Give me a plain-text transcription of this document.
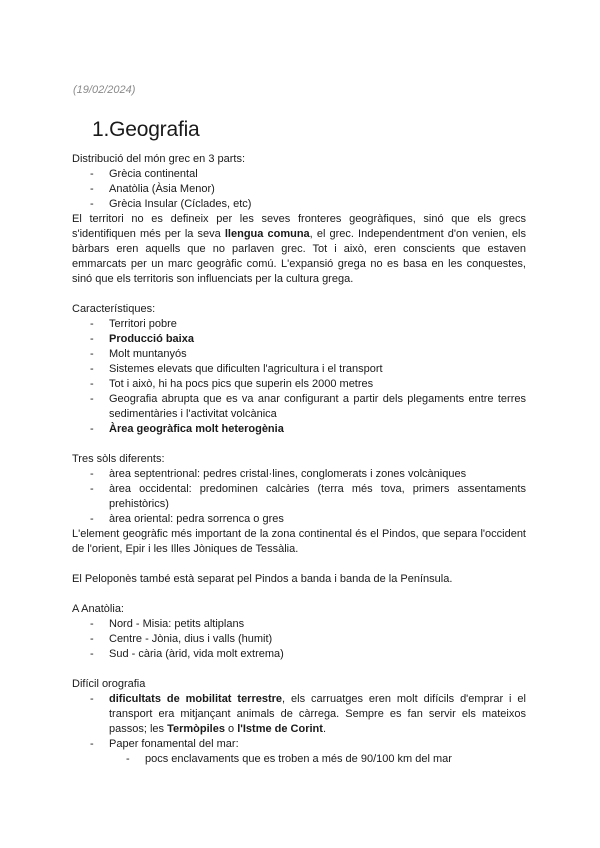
(19/02/2024)
1.Geografia

Distribució del món grec en 3 parts:

- Grècia continental
- Anatòlia (Àsia Menor)
- Grècia Insular (Cíclades, etc)

El territori no es defineix per les seves fronteres geogràfiques, sinó que els grecs s'identifiquen més per la seva llengua comuna, el grec. Independentment d'on venien, els bàrbars eren aquells que no parlaven grec. Tot i això, eren conscients que estaven emmarcats per un marc geogràfic comú. L'expansió grega no es basa en les conquestes, sinó que els territoris son influenciats per la cultura grega.

Característiques:

- Territori pobre
- Producció baixa
- Molt muntanyós
- Sistemes elevats que dificulten l'agricultura i el transport
- Tot i això, hi ha pocs pics que superin els 2000 metres
- Geografia abrupta que es va anar configurant a partir dels plegaments entre terres sedimentàries i l'activitat volcànica
- Àrea geogràfica molt heterogènia

Tres sòls diferents:

- àrea septentrional: pedres cristal·lines, conglomerats i zones volcàniques
- àrea occidental: predominen calcàries (terra més tova, primers assentaments prehistòrics)
- àrea oriental: pedra sorrenca o gres

L'element geogràfic més important de la zona continental és el Pindos, que separa l'occident de l'orient, Epir i les Illes Jòniques de Tessàlia.

El Peloponès també està separat pel Pindos a banda i banda de la Península.

A Anatòlia:

- Nord - Misia: petits altiplans
- Centre - Jònia, dius i valls (humit)
- Sud - cària (àrid, vida molt extrema)

Difícil orografia

- dificultats de mobilitat terrestre, els carruatges eren molt difícils d'emprar i el transport era mitjançant animals de càrrega. Sempre es fan servir els mateixos passos; les Termòpiles o l'Istme de Corint.
- Paper fonamental del mar:
- pocs enclavaments que es troben a més de 90/100 km del mar
